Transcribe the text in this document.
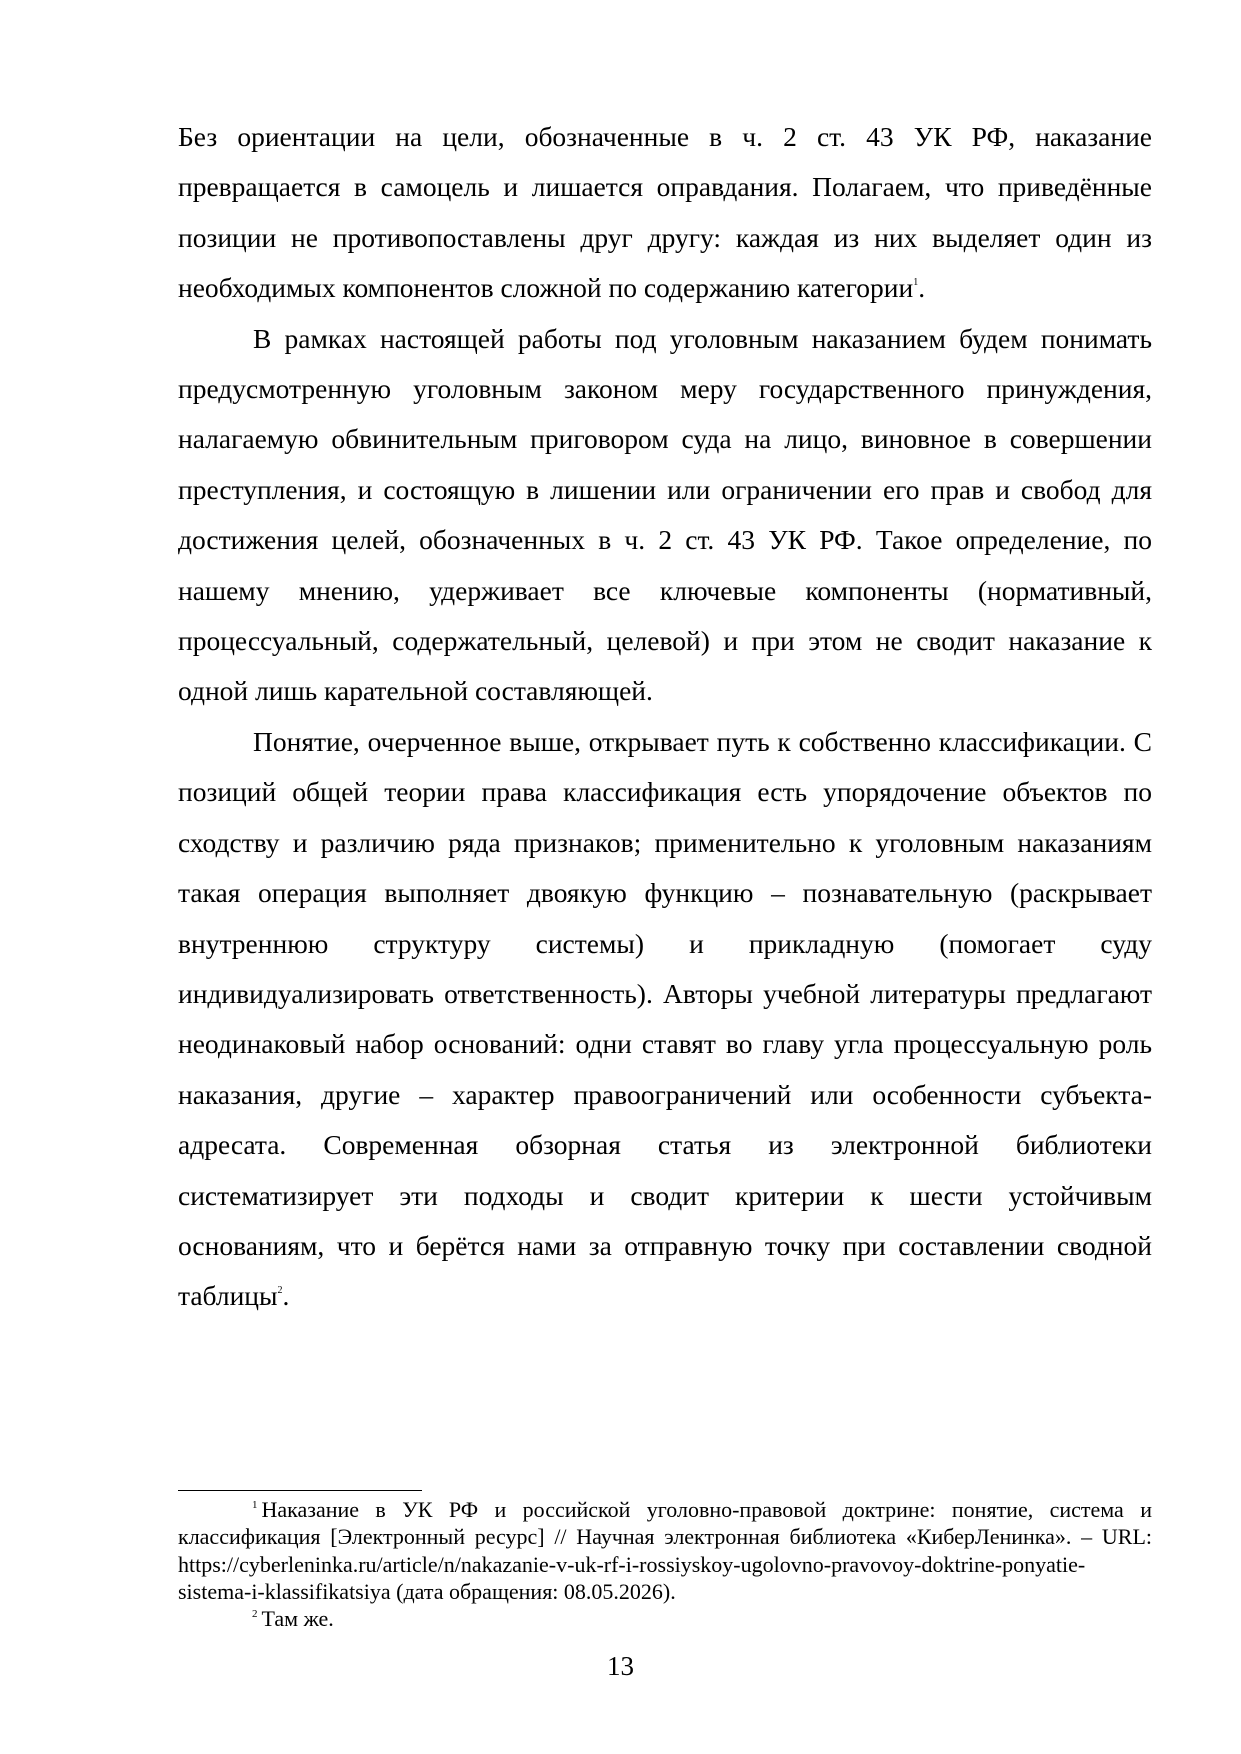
Без ориентации на цели, обозначенные в ч. 2 ст. 43 УК РФ, наказание превращается в самоцель и лишается оправдания. Полагаем, что приведённые позиции не противопоставлены друг другу: каждая из них выделяет один из необходимых компонентов сложной по содержанию категории$^1$.

В рамках настоящей работы под уголовным наказанием будем понимать предусмотренную уголовным законом меру государственного принуждения, налагаемую обвинительным приговором суда на лицо, виновное в совершении преступления, и состоящую в лишении или ограничении его прав и свобод для достижения целей, обозначенных в ч. 2 ст. 43 УК РФ. Такое определение, по нашему мнению, удерживает все ключевые компоненты (нормативный, процессуальный, содержательный, целевой) и при этом не сводит наказание к одной лишь карательной составляющей.

Понятие, очерченное выше, открывает путь к собственно классификации. С позиций общей теории права классификация есть упорядочение объектов по сходству и различию ряда признаков; применительно к уголовным наказаниям такая операция выполняет двоякую функцию – познавательную (раскрывает внутреннюю структуру системы) и прикладную (помогает суду индивидуализировать ответственность). Авторы учебной литературы предлагают неодинаковый набор оснований: одни ставят во главу угла процессуальную роль наказания, другие – характер правоограничений или особенности субъекта-адресата. Современная обзорная статья из электронной библиотеки систематизирует эти подходы и сводит критерии к шести устойчивым основаниям, что и берётся нами за отправную точку при составлении сводной таблицы$^2$.

$^1$ Наказание в УК РФ и российской уголовно-правовой доктрине: понятие, система и классификация [Электронный ресурс] // Научная электронная библиотека «КиберЛенинка». – URL: https://cyberleninka.ru/article/n/nakazanie-v-uk-rf-i-rossiyskoy-ugolovno-pravovoy-doktrine-ponyatie-sistema-i-klassifikatsiya (дата обращения: 08.05.2026).

$^2$ Там же.

13
